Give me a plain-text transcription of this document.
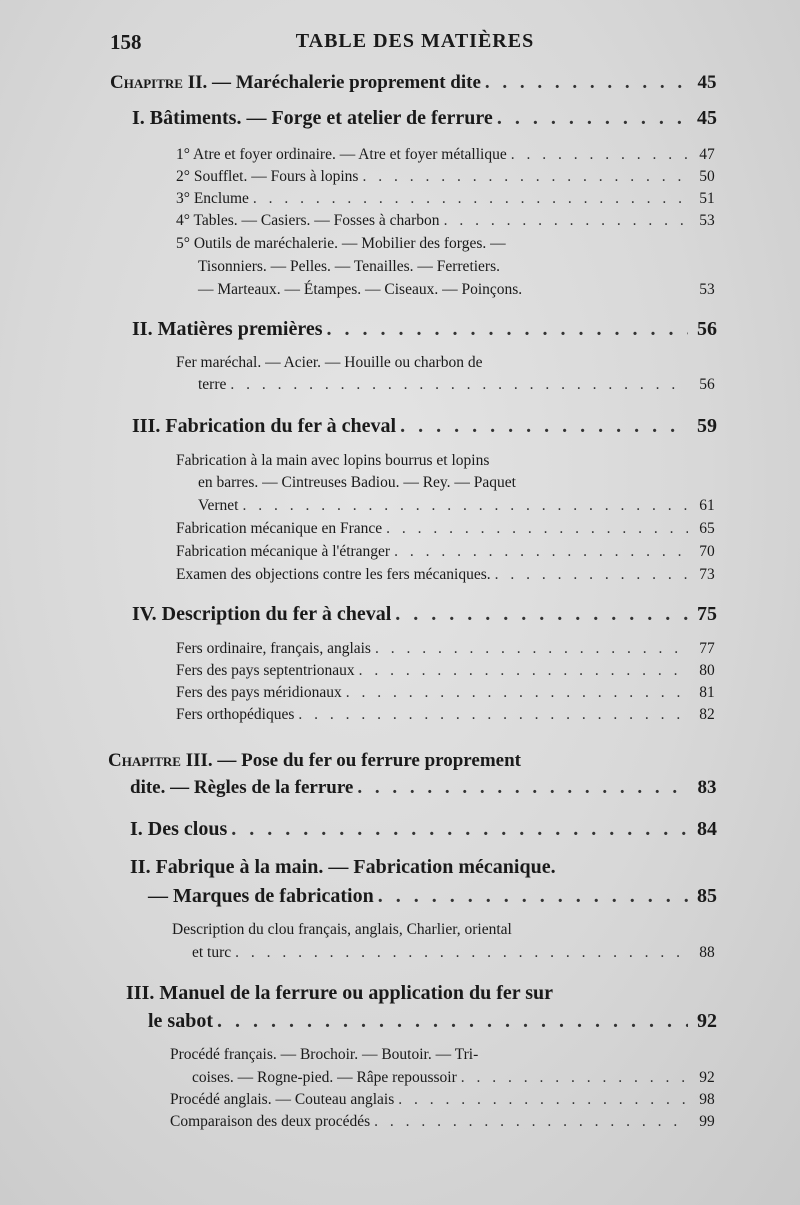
158	TABLE DES MATIÈRES
Chapitre
II. — Maréchalerie proprement dite . . .	45
I. Bâtiments. — Forge et atelier de ferrure . . .	45
1° Atre et foyer ordinaire. — Atre et foyer métallique . . .	47
2° Soufflet. — Fours à lopins . . .	50
3° Enclume . . .	51
4° Tables. — Casiers. — Fosses à charbon . . .	53
5° Outils de maréchalerie. — Mobilier des forges. —
Tisonniers. — Pelles. — Tenailles. — Ferretiers.
— Marteaux. — Étampes. — Ciseaux. — Poinçons.	53
II. Matières premières . . .	56
Fer maréchal. — Acier. — Houille ou charbon de
terre . . .	56
III. Fabrication du fer à cheval . . .	59
Fabrication à la main avec lopins bourrus et lopins
en barres. — Cintreuses Badiou. — Rey. — Paquet
Vernet . . .	61
Fabrication mécanique en France . . .	65
Fabrication mécanique à l'étranger . . .	70
Examen des objections contre les fers mécaniques. . . .	73
IV. Description du fer à cheval . . .	75
Fers ordinaire, français, anglais . . .	77
Fers des pays septentrionaux . . .	80
Fers des pays méridionaux . . .	81
Fers orthopédiques . . .	82
Chapitre III. — Pose du fer ou ferrure proprement
dite. — Règles de la ferrure . . .	83
I. Des clous . . .	84
II. Fabrique à la main. — Fabrication mécanique.
— Marques de fabrication . . .	85
Description du clou français, anglais, Charlier, oriental
et turc . . .	88
III. Manuel de la ferrure ou application du fer sur
le sabot . . .	92
Procédé français. — Brochoir. — Boutoir. — Tri-
coises. — Rogne-pied. — Râpe repoussoir . . .	92
Procédé anglais. — Couteau anglais . . .	98
Comparaison des deux procédés . . .	99
